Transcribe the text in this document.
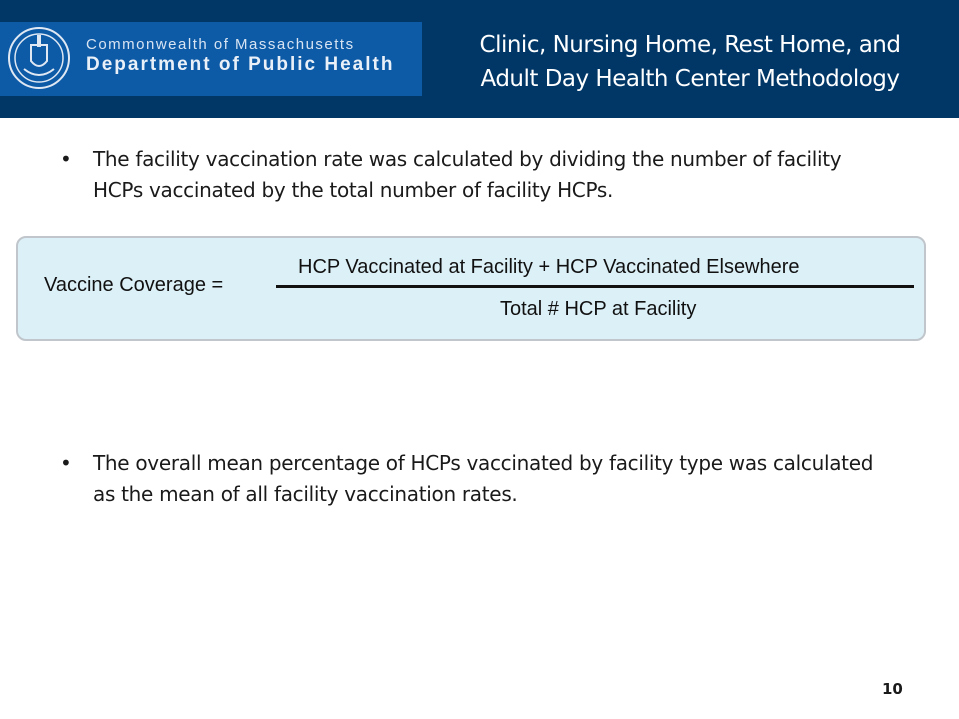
Commonwealth of Massachusetts
Department of Public Health
Clinic, Nursing Home, Rest Home, and
Adult Day Health Center Methodology
• The facility vaccination rate was calculated by dividing the number of facility HCPs vaccinated by the total number of facility HCPs.
Vaccine Coverage =
HCP Vaccinated at Facility + HCP Vaccinated Elsewhere
Total # HCP at Facility
• The overall mean percentage of HCPs vaccinated by facility type was calculated as the mean of all facility vaccination rates.
10
